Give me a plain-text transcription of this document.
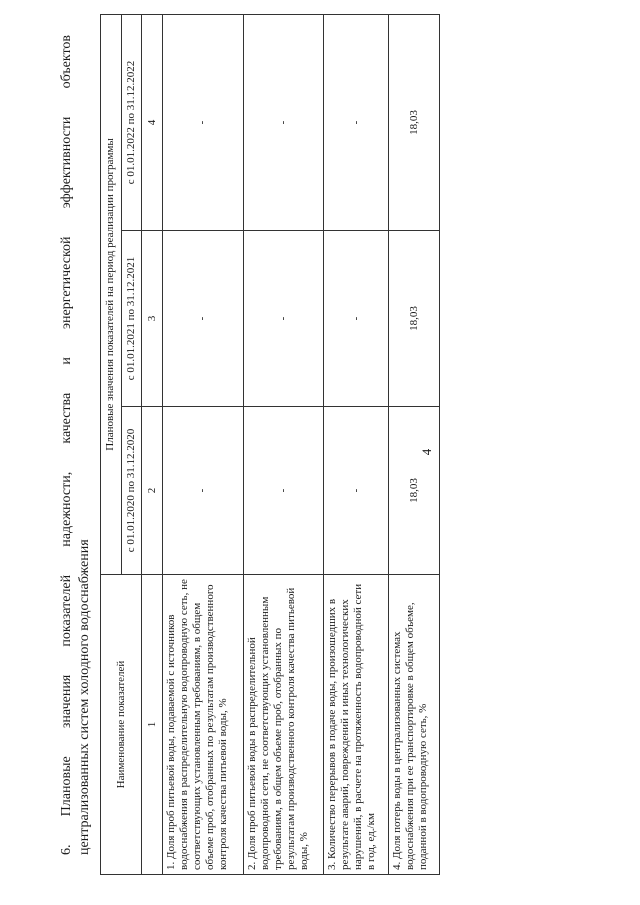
4
6. Плановые значения показателей надежности, качества и энергетической эффективности объектов централизованных систем холодного водоснабжения Наименование показателей	Плановые значения показателей на период реализации программы		
	с 01.01.2020 по 31.12.2020	с 01.01.2021 по 31.12.2021	с 01.01.2022 по 31.12.2022
1	2	3	4
1. Доля проб питьевой воды, подаваемой с источников водоснабжения в распределительную водопроводную сеть, не соответствующих установленным требованиям, в общем объеме проб, отобранных по результатам производственного контроля качества питьевой воды, %	-	-	-
2. Доля проб питьевой воды в распределительной водопроводной сети, не соответствующих установленным требованиям, в общем объеме проб, отобранных по результатам производственного контроля качества питьевой воды, %	-	-	-
3. Количество перерывов в подаче воды, произошедших в результате аварий, повреждений и иных технологических нарушений, в расчете на протяженность водопроводной сети в год, ед./км	-	-	-
4. Доля потерь воды в централизованных системах водоснабжения при ее транспортировке в общем объеме, поданной в водопроводную сеть, %	18,03	18,03	18,03
